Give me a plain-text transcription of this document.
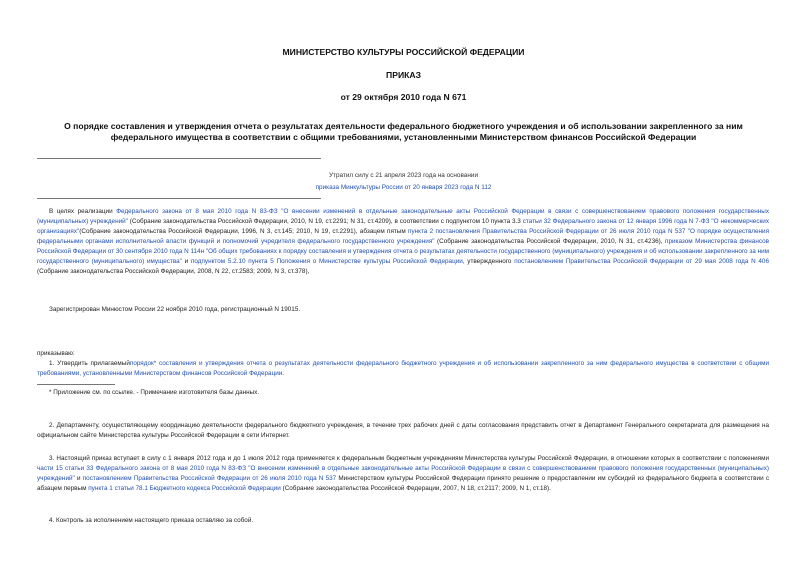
МИНИСТЕРСТВО КУЛЬТУРЫ РОССИЙСКОЙ ФЕДЕРАЦИИ
ПРИКАЗ
от 29 октября 2010 года N 671
О порядке составления и утверждения отчета о результатах деятельности федерального бюджетного учреждения и об использовании закрепленного за ним федерального имущества в соответствии с общими требованиями, установленными Министерством финансов Российской Федерации
Утратил силу с 21 апреля 2023 года на основании
приказа Минкультуры России от 20 января 2023 года N 112
В целях реализации Федерального закона от 8 мая 2010 года N 83-ФЗ "О внесении изменений в отдельные законодательные акты Российской Федерации в связи с совершенствованием правового положения государственных (муниципальных) учреждений" (Собрание законодательства Российской Федерации, 2010, N 19, ст.2291; N 31, ст.4209), в соответствии с подпунктом 10 пункта 3.3 статьи 32 Федерального закона от 12 января 1996 года N 7-ФЗ "О некоммерческих организациях"(Собрание законодательства Российской Федерации, 1996, N 3, ст.145; 2010, N 19, ст.2291), абзацем пятым пункта 2 постановления Правительства Российской Федерации от 26 июля 2010 года N 537 "О порядке осуществления федеральными органами исполнительной власти функций и полномочий учредителя федерального государственного учреждения" (Собрание законодательства Российской Федерации, 2010, N 31, ст.4236), приказом Министерства финансов Российской Федерации от 30 сентября 2010 года N 114н "Об общих требованиях к порядку составления и утверждения отчета о результатах деятельности государственного (муниципального) учреждения и об использовании закрепленного за ним государственного (муниципального) имущества" и подпунктом 5.2.10 пункта 5 Положения о Министерстве культуры Российской Федерации, утвержденного постановлением Правительства Российской Федерации от 29 мая 2008 года N 406 (Собрание законодательства Российской Федерации, 2008, N 22, ст.2583; 2009, N 3, ст.378),
Зарегистрирован Минюстом России 22 ноября 2010 года, регистрационный N 19015.
приказываю:
1. Утвердить прилагаемыйпорядок* составления и утверждения отчета о результатах деятельности федерального бюджетного учреждения и об использовании закрепленного за ним федерального имущества в соответствии с общими требованиями, установленными Министерством финансов Российской Федерации.
* Приложение см. по ссылке. - Примечание изготовителя базы данных.
2. Департаменту, осуществляющему координацию деятельности федерального бюджетного учреждения, в течение трех рабочих дней с даты согласования представить отчет в Департамент Генерального секретариата для размещения на официальном сайте Министерства культуры Российской Федерации в сети Интернет.
3. Настоящий приказ вступает в силу с 1 января 2012 года и до 1 июля 2012 года применяется к федеральным бюджетным учреждениям Министерства культуры Российской Федерации, в отношении которых в соответствии с положениями части 15 статьи 33 Федерального закона от 8 мая 2010 года N 83-ФЗ "О внесении изменений в отдельные законодательные акты Российской Федерации в связи с совершенствованием правового положения государственных (муниципальных) учреждений" и постановлением Правительства Российской Федерации от 26 июля 2010 года N 537 Министерством культуры Российской Федерации принято решение о предоставлении им субсидий из федерального бюджета в соответствии с абзацем первым пункта 1 статьи 78.1 Бюджетного кодекса Российской Федерации (Собрание законодательства Российской Федерации, 2007, N 18, ст.2117; 2009, N 1, ст.18).
4. Контроль за исполнением настоящего приказа оставляю за собой.
